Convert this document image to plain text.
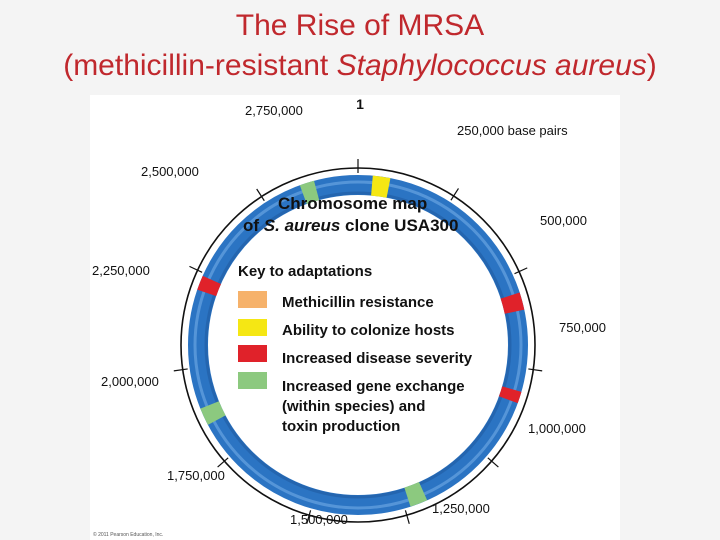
The Rise of MRSA
(methicillin-resistant Staphylococcus aureus)
1
250,000 base pairs
500,000
750,000
1,000,000
1,250,000
1,500,000
1,750,000
2,000,000
2,250,000
2,500,000
2,750,000
Chromosome map
of S. aureus clone USA300
Key to adaptations
Methicillin resistance
Ability to colonize hosts
Increased disease severity
Increased gene exchange
(within species) and
toxin production
© 2011 Pearson Education, Inc.
